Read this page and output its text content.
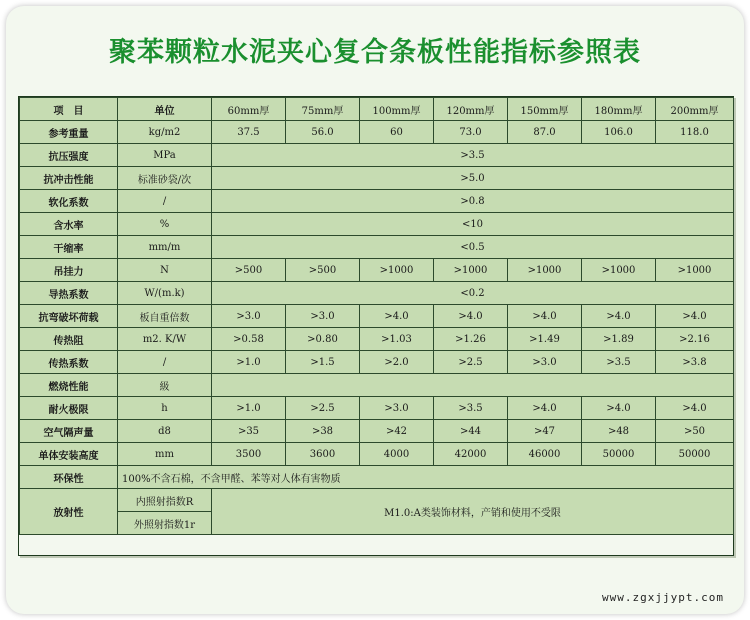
聚苯颗粒水泥夹心复合条板性能指标参照表
项　目	单位	60mm厚	75mm厚	100mm厚	120mm厚	150mm厚	180mm厚	200mm厚
参考重量	kg/m2	37.5	56.0	60	73.0	87.0	106.0	118.0
抗压强度	MPa	>3.5						
抗冲击性能	标准砂袋/次	>5.0						
软化系数	/	>0.8						
含水率	%	<10						
干缩率	mm/m	<0.5						
吊挂力	N	>500	>500	>1000	>1000	>1000	>1000	>1000
导热系数	W/(m.k)	<0.2						
抗弯破坏荷载	板自重倍数	>3.0	>3.0	>4.0	>4.0	>4.0	>4.0	>4.0
传热阻	m2. K/W	>0.58	>0.80	>1.03	>1.26	>1.49	>1.89	>2.16
传热系数	/	>1.0	>1.5	>2.0	>2.5	>3.0	>3.5	>3.8
燃烧性能	級							
耐火极限	h	>1.0	>2.5	>3.0	>3.5	>4.0	>4.0	>4.0
空气隔声量	d8	>35	>38	>42	>44	>47	>48	>50
单体安装高度	mm	3500	3600	4000	42000	46000	50000	50000
环保性	100%不含石棉，不含甲醛、苯等对人体有害物质							
放射性	内照射指数R	M1.0:A类装饰材料，产销和使用不受限						
	外照射指数1r							
www.zgxjjypt.com
